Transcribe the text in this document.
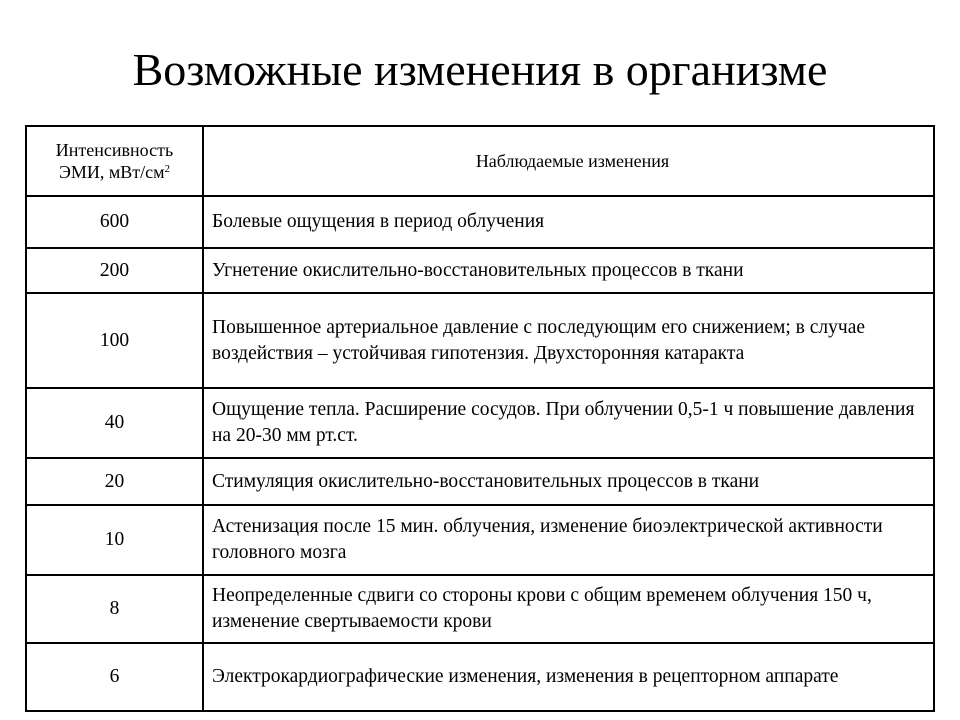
Возможные изменения в организме
Интенсивность
ЭМИ, мВт/$см^2$	Наблюдаемые изменения
600	Болевые ощущения в период облучения
200	Угнетение окислительно-восстановительных процессов в ткани
100	Повышенное артериальное давление с последующим его снижением; в случае воздействия – устойчивая гипотензия. Двухсторонняя катаракта
40	Ощущение тепла. Расширение сосудов. При облучении 0,5-1 ч повышение давления на 20-30 мм рт.ст.
20	Стимуляция окислительно-восстановительных процессов в ткани
10	Астенизация после 15 мин. облучения, изменение биоэлектрической активности головного мозга
8	Неопределенные сдвиги со стороны крови с общим временем облучения 150 ч, изменение свертываемости крови
6	Электрокардиографические изменения, изменения в рецепторном аппарате
